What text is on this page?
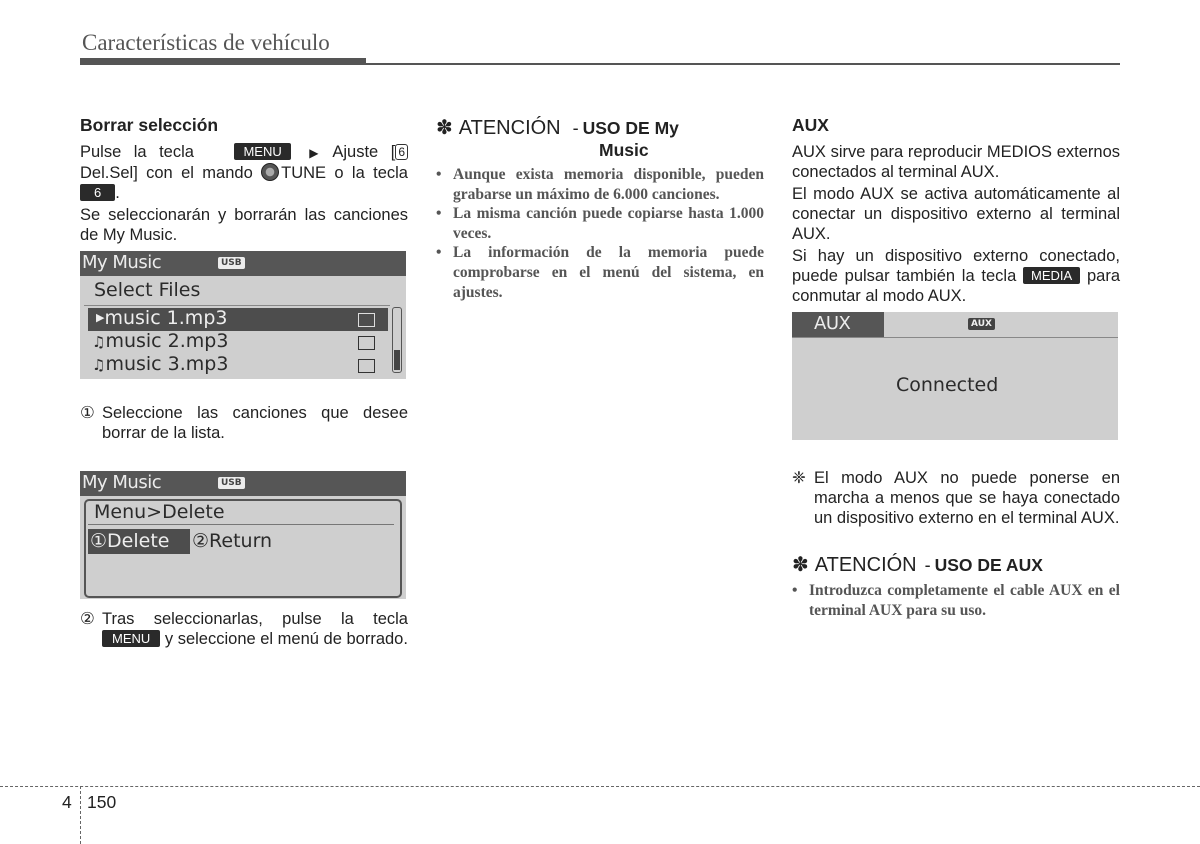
Características de vehículo
Borrar selección

Pulse la tecla	MENU ▶ Ajuste [ 6 Del.Sel] con el mando TUNE o la tecla 6 .

Se seleccionarán y borrarán las canciones de My Music.

My Music	USB
Select Files
▶music 1.mp3
♫music 2.mp3
♫music 3.mp3
① Seleccione las canciones que desee borrar de la lista.
My Music	USB
Menu>Delete
①Delete ②Return
② Tras seleccionarlas, pulse la tecla MENU y seleccione el menú de borrado.
✽ ATENCIÓN - USO DE My
Music
• Aunque exista memoria disponible, pueden grabarse un máximo de 6.000 canciones.
• La misma canción puede copiarse hasta 1.000 veces.
• La información de la memoria puede comprobarse en el menú del sistema, en ajustes.
AUX

AUX sirve para reproducir MEDIOS externos conectados al terminal AUX.

El modo AUX se activa automáticamente al conectar un dispositivo externo al terminal AUX.

Si hay un dispositivo externo conectado, puede pulsar también la tecla MEDIA para conmutar al modo AUX.

AUX	AUX
Connected
❈ El modo AUX no puede ponerse en marcha a menos que se haya conectado un dispositivo externo en el terminal AUX.
✽ ATENCIÓN - USO DE AUX
• Introduzca completamente el cable AUX en el terminal AUX para su uso.
4 150
